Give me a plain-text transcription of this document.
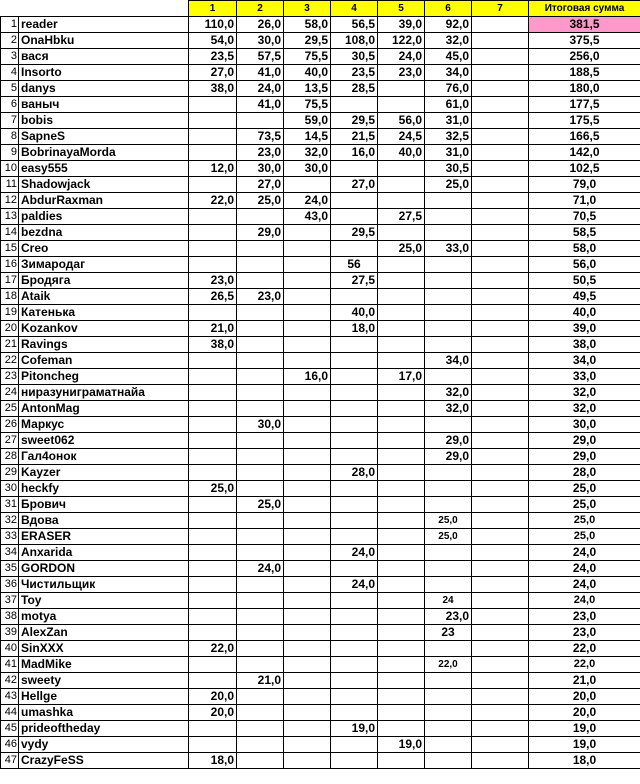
		1	2	3	4	5	6	7	Итоговая сумма
1	reader	110,0	26,0	58,0	56,5	39,0	92,0		381,5
2	OnaHbku	54,0	30,0	29,5	108,0	122,0	32,0		375,5
3	вася	23,5	57,5	75,5	30,5	24,0	45,0		256,0
4	Insorto	27,0	41,0	40,0	23,5	23,0	34,0		188,5
5	danys	38,0	24,0	13,5	28,5		76,0		180,0
6	ваныч		41,0	75,5			61,0		177,5
7	bobis			59,0	29,5	56,0	31,0		175,5
8	SapneS		73,5	14,5	21,5	24,5	32,5		166,5
9	BobrinayaMorda		23,0	32,0	16,0	40,0	31,0		142,0
10	easy555	12,0	30,0	30,0			30,5		102,5
11	Shadowjack		27,0		27,0		25,0		79,0
12	AbdurRaxman	22,0	25,0	24,0					71,0
13	paldies			43,0		27,5			70,5
14	bezdna		29,0		29,5				58,5
15	Creo					25,0	33,0		58,0
16	Зимародаг				56				56,0
17	Бродяга	23,0			27,5				50,5
18	Ataik	26,5	23,0						49,5
19	Катенька				40,0				40,0
20	Kozankov	21,0			18,0				39,0
21	Ravings	38,0							38,0
22	Cofeman						34,0		34,0
23	Pitoncheg			16,0		17,0			33,0
24	ниразуниграматнайа						32,0		32,0
25	AntonMag						32,0		32,0
26	Маркус		30,0						30,0
27	sweet062						29,0		29,0
28	Гал4онок						29,0		29,0
29	Kayzer				28,0				28,0
30	heckfy	25,0							25,0
31	Брович		25,0						25,0
32	Вдова						25,0		25,0
33	ERASER						25,0		25,0
34	Anxarida				24,0				24,0
35	GORDON		24,0						24,0
36	Чистильщик				24,0				24,0
37	Toy						24		24,0
38	motya						23,0		23,0
39	AlexZan						23		23,0
40	SinXXX	22,0							22,0
41	MadMike						22,0		22,0
42	sweety		21,0						21,0
43	Hellge	20,0							20,0
44	umashka	20,0							20,0
45	prideoftheday				19,0				19,0
46	vydy					19,0			19,0
47	CrazyFeSS	18,0							18,0
